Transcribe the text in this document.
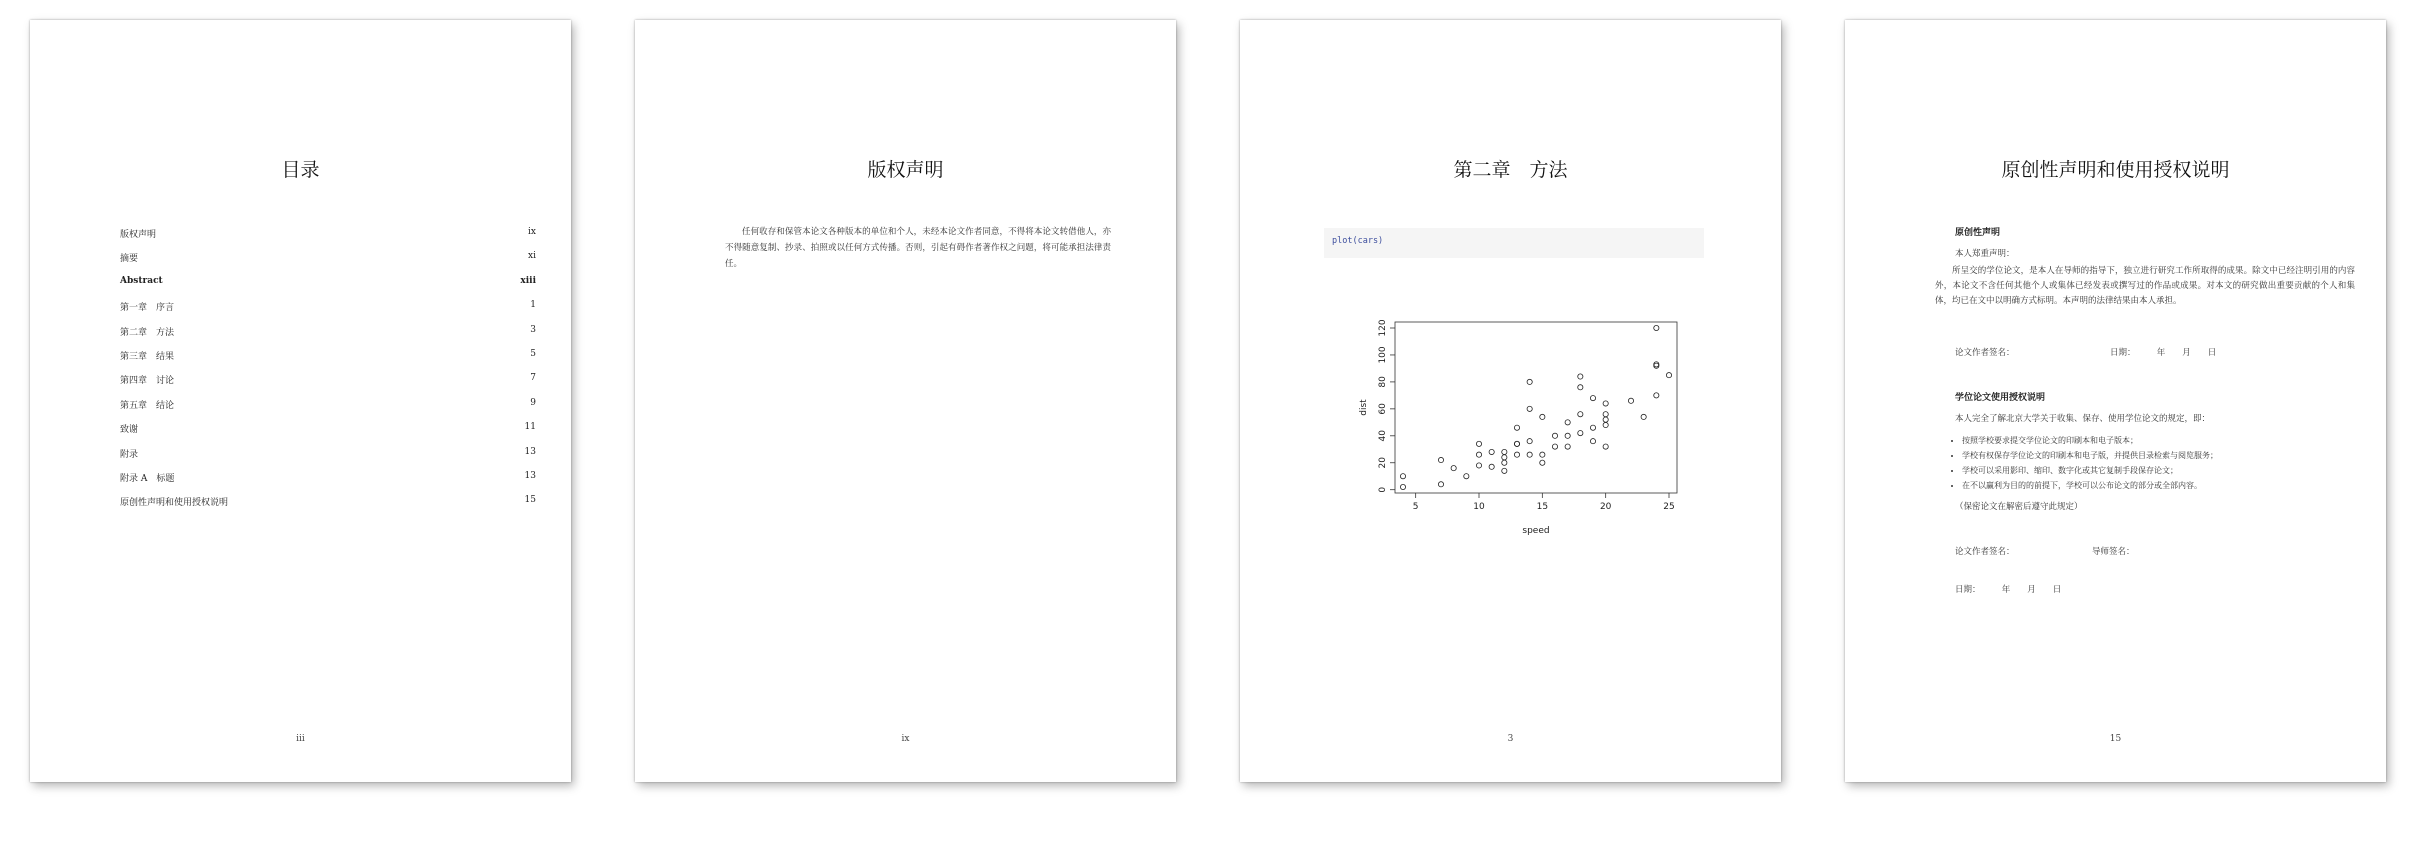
目录
版权声明	ix
摘要	xi
Abstract	xiii
第一章　序言	1
第二章　方法	3
第三章　结果	5
第四章　讨论	7
第五章　结论	9
致谢	11
附录	13
附录 A　标题	13
原创性声明和使用授权说明	15
iii
版权声明

任何收存和保管本论文各种版本的单位和个人，未经本论文作者同意，不得将本论文转借他人，亦不得随意复制、抄录、拍照或以任何方式传播。否则，引起有碍作者著作权之问题，将可能承担法律责任。

ix
第二章　方法
plot(cars)
5	10	15	20	25
0
20
40
60
80
100
120
speed
dist
3
原创性声明和使用授权说明
原创性声明
本人郑重声明：

所呈交的学位论文，是本人在导师的指导下，独立进行研究工作所取得的成果。除文中已经注明引用的内容外，本论文不含任何其他个人或集体已经发表或撰写过的作品或成果。对本文的研究做出重要贡献的个人和集体，均已在文中以明确方式标明。本声明的法律结果由本人承担。

论文作者签名：	日期：　　　年　　月　　日
学位论文使用授权说明
本人完全了解北京大学关于收集、保存、使用学位论文的规定，即：
• 按照学校要求提交学位论文的印刷本和电子版本；
• 学校有权保存学位论文的印刷本和电子版，并提供目录检索与阅览服务；
• 学校可以采用影印、缩印、数字化或其它复制手段保存论文；
• 在不以赢利为目的的前提下，学校可以公布论文的部分或全部内容。
（保密论文在解密后遵守此规定）
论文作者签名：	导师签名：
日期：　　　年　　月　　日
15
